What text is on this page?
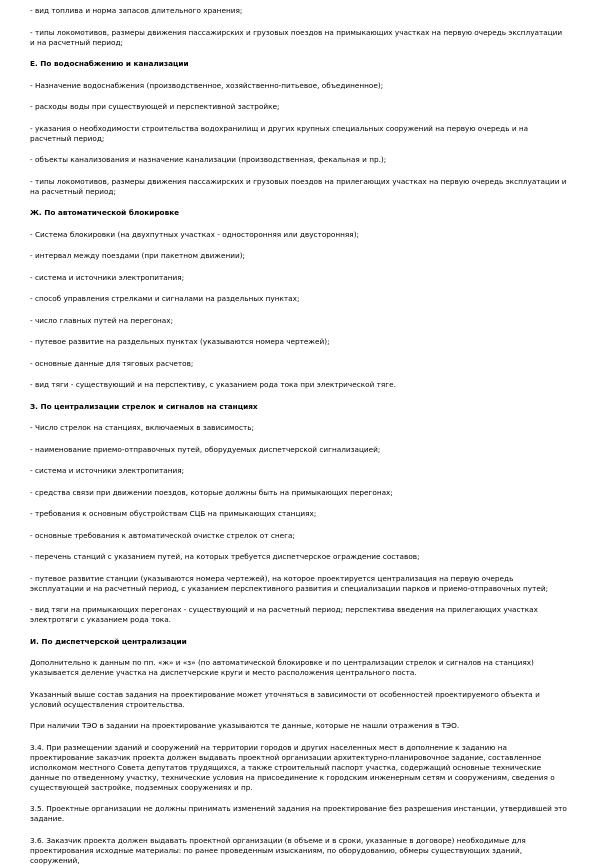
- вид топлива и норма запасов длительного хранения;
- типы локомотивов, размеры движения пассажирских и грузовых поездов на примыкающих участках на первую очередь эксплуатации и на расчетный период;
Е. По водоснабжению и канализации
- Назначение водоснабжения (производственное, хозяйственно-питьевое, объединенное);
- расходы воды при существующей и перспективной застройке;
- указания о необходимости строительства водохранилищ и других крупных специальных сооружений на первую очередь и на расчетный период;
- объекты канализования и назначение канализации (производственная, фекальная и пр.);
- типы локомотивов, размеры движения пассажирских и грузовых поездов на прилегающих участках на первую очередь эксплуатации и на расчетный период;
Ж. По автоматической блокировке
- Система блокировки (на двухпутных участках - односторонняя или двусторонняя);
- интервал между поездами (при пакетном движении);
- система и источники электропитания;
- способ управления стрелками и сигналами на раздельных пунктах;
- число главных путей на перегонах;
- путевое развитие на раздельных пунктах (указываются номера чертежей);
- основные данные для тяговых расчетов;
- вид тяги - существующий и на перспективу, с указанием рода тока при электрической тяге.
З. По централизации стрелок и сигналов на станциях
- Число стрелок на станциях, включаемых в зависимость;
- наименование приемо-отправочных путей, оборудуемых диспетчерской сигнализацией;
- система и источники электропитания;
- средства связи при движении поездов, которые должны быть на примыкающих перегонах;
- требования к основным обустройствам СЦБ на примыкающих станциях;
- основные требования к автоматической очистке стрелок от снега;
- перечень станций с указанием путей, на которых требуется диспетчерское ограждение составов;
- путевое развитие станции (указываются номера чертежей), на которое проектируется централизация на первую очередь эксплуатации и на расчетный период, с указанием перспективного развития и специализации парков и приемо-отправочных путей;
- вид тяги на примыкающих перегонах - существующий и на расчетный период; перспектива введения на прилегающих участках электротяги с указанием рода тока.
И. По диспетчерской централизации
Дополнительно к данным по пп. «ж» и «з» (по автоматической блокировке и по централизации стрелок и сигналов на станциях) указывается деление участка на диспетчерские круги и место расположения центрального поста.
Указанный выше состав задания на проектирование может уточняться в зависимости от особенностей проектируемого объекта и условий осуществления строительства.
При наличии ТЭО в задании на проектирование указываются те данные, которые не нашли отражения в ТЭО.
3.4. При размещении зданий и сооружений на территории городов и других населенных мест в дополнение к заданию на проектирование заказчик проекта должен выдавать проектной организации архитектурно-планировочное задание, составленное исполкомом местного Совета депутатов трудящихся, а также строительный паспорт участка, содержащий основные технические данные по отведенному участку, технические условия на присоединение к городским инженерным сетям и сооружениям, сведения о существующей застройке, подземных сооружениях и пр.
3.5. Проектные организации не должны принимать изменений задания на проектирование без разрешения инстанции, утвердившей это задание.
3.6. Заказчик проекта должен выдавать проектной организации (в объеме и в сроки, указанные в договоре) необходимые для проектирования исходные материалы: по ранее проведенным изысканиям, по оборудованию, обмеры существующих зданий, сооружений,
